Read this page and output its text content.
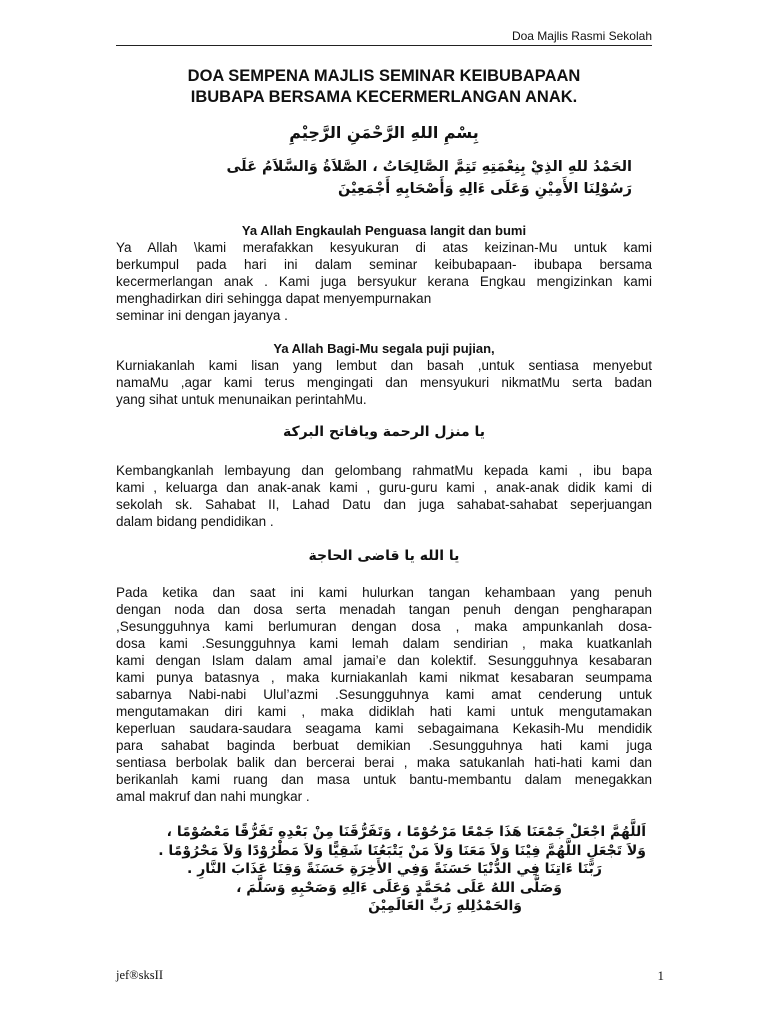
Doa Majlis Rasmi Sekolah

DOA SEMPENA MAJLIS SEMINAR KEIBUBAPAAN

IBUBAPA BERSAMA KECERMERLANGAN ANAK.

بِسْمِ اللهِ الرَّحْمَنِ الرَّحِيْمِ

الحَمْدُ للهِ الذِيْ بِنِعْمَتِهِ تَتِمَّ الصَّالِحَاتُ ، الصَّلاَةُ وَالسَّلاَمُ عَلَى

رَسُوْلِنَا الأَمِيْنِ وَعَلَى ءَالِهِ وَأَصْحَابِهِ أَجْمَعِيْنَ

Ya Allah Engkaulah Penguasa langit dan bumi

Ya Allah \kami merafakkan kesyukuran di atas keizinan-Mu untuk kami
berkumpul pada hari ini dalam seminar keibubapaan- ibubapa bersama
kecermerlangan anak . Kami juga bersyukur kerana Engkau mengizinkan kami
menghadirkan diri sehingga dapat menyempurnakan
seminar ini dengan jayanya .

Ya Allah Bagi-Mu segala puji pujian,

Kurniakanlah kami lisan yang lembut dan basah ,untuk sentiasa menyebut
namaMu ,agar kami terus mengingati dan mensyukuri nikmatMu serta badan
yang sihat untuk menunaikan perintahMu.

يا منزل الرحمة ويافاتح البركة

Kembangkanlah lembayung dan gelombang rahmatMu kepada kami , ibu bapa
kami , keluarga dan anak-anak kami , guru-guru kami , anak-anak didik kami di
sekolah sk. Sahabat II, Lahad Datu dan juga sahabat-sahabat seperjuangan
dalam bidang pendidikan .

يا الله يا قاضى الحاجة

Pada ketika dan saat ini kami hulurkan tangan kehambaan yang penuh
dengan noda dan dosa serta menadah tangan penuh dengan pengharapan
,Sesungguhnya kami berlumuran dengan dosa , maka ampunkanlah dosa-
dosa kami .Sesungguhnya kami lemah dalam sendirian , maka kuatkanlah
kami dengan Islam dalam amal jamai’e dan kolektif. Sesungguhnya kesabaran
kami punya batasnya , maka kurniakanlah kami nikmat kesabaran seumpama
sabarnya Nabi-nabi Ulul’azmi .Sesungguhnya kami amat cenderung untuk
mengutamakan diri kami , maka didiklah hati kami untuk mengutamakan
keperluan saudara-saudara seagama kami sebagaimana Kekasih-Mu mendidik
para sahabat baginda berbuat demikian .Sesungguhnya hati kami juga
sentiasa berbolak balik dan bercerai berai , maka satukanlah hati-hati kami dan
berikanlah kami ruang dan masa untuk bantu-membantu dalam menegakkan
amal makruf dan nahi mungkar .

اَللَّهُمَّ اجْعَلْ جَمْعَنَا هَذَا جَمْعًا مَرْحُوْمًا ، وَتَفَرُّقَنَا مِنْ بَعْدِهِ تَفَرُّقًا مَعْصُوْمًا ،

وَلاَ تَجْعَلِ اللَّهُمَّ فِيْنَا وَلاَ مَعَنَا وَلاَ مَنْ يَتْبَعُنَا شَقِيًّا وَلاَ مَطْرُوْدًا وَلاَ مَحْرُوْمًا .

رَبَّنَا ءَاتِنَا فِي الدُّنْيَا حَسَنَةً وَفِي الأَخِرَةِ حَسَنَةً وَقِنَا عَذَابَ النَّارِ .

وَصَلَّى اللهُ عَلَى مُحَمَّدٍ وَعَلَى ءَالِهِ وَصَحْبِهِ وَسَلَّمَ ،

وَالحَمْدُلِلهِ رَبِّ العَالَمِيْنَ

jef®sksII	1
